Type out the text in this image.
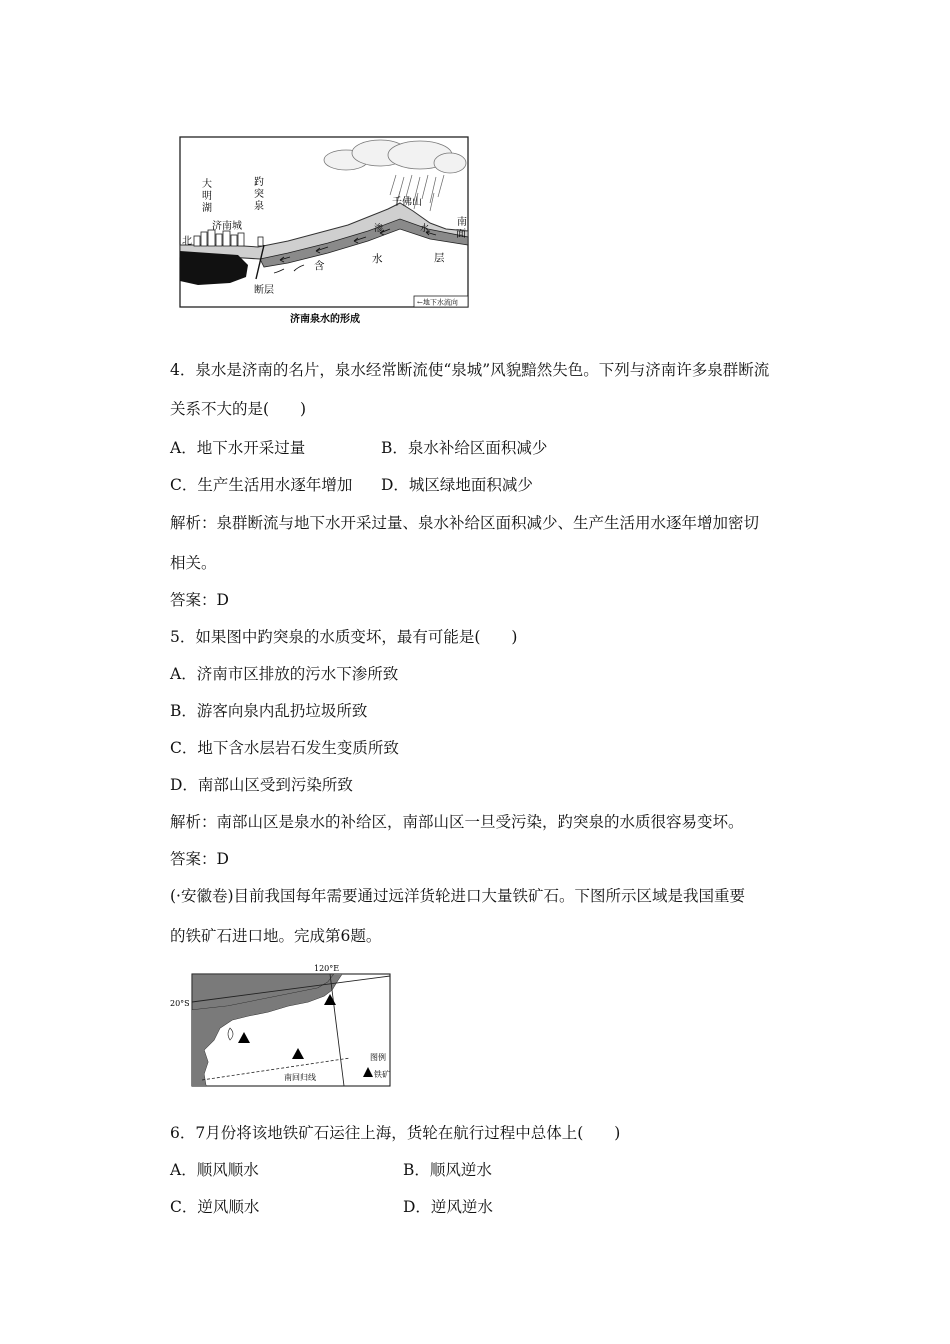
←地下水流向
大
明
湖
趵
突
泉
济南城
北
千佛山
南
面
渗	水
含
水	层
断层
济南泉水的形成
4．泉水是济南的名片，泉水经常断流使“泉城”风貌黯然失色。下列与济南许多泉群断流
关系不大的是(　　)
A．地下水开采过量	B．泉水补给区面积减少
C．生产生活用水逐年增加 D．城区绿地面积减少
解析：泉群断流与地下水开采过量、泉水补给区面积减少、生产生活用水逐年增加密切
相关。
答案：D
5．如果图中趵突泉的水质变坏，最有可能是(　　)
A．济南市区排放的污水下渗所致
B．游客向泉内乱扔垃圾所致
C．地下含水层岩石发生变质所致
D．南部山区受到污染所致
解析：南部山区是泉水的补给区，南部山区一旦受污染，趵突泉的水质很容易变坏。
答案：D
(·安徽卷)目前我国每年需要通过远洋货轮进口大量铁矿石。下图所示区域是我国重要
的铁矿石进口地。完成第6题。
20°S
120°E
南回归线
图例
铁矿
6．7月份将该地铁矿石运往上海，货轮在航行过程中总体上(　　)
A．顺风顺水	B．顺风逆水
C．逆风顺水	D．逆风逆水
